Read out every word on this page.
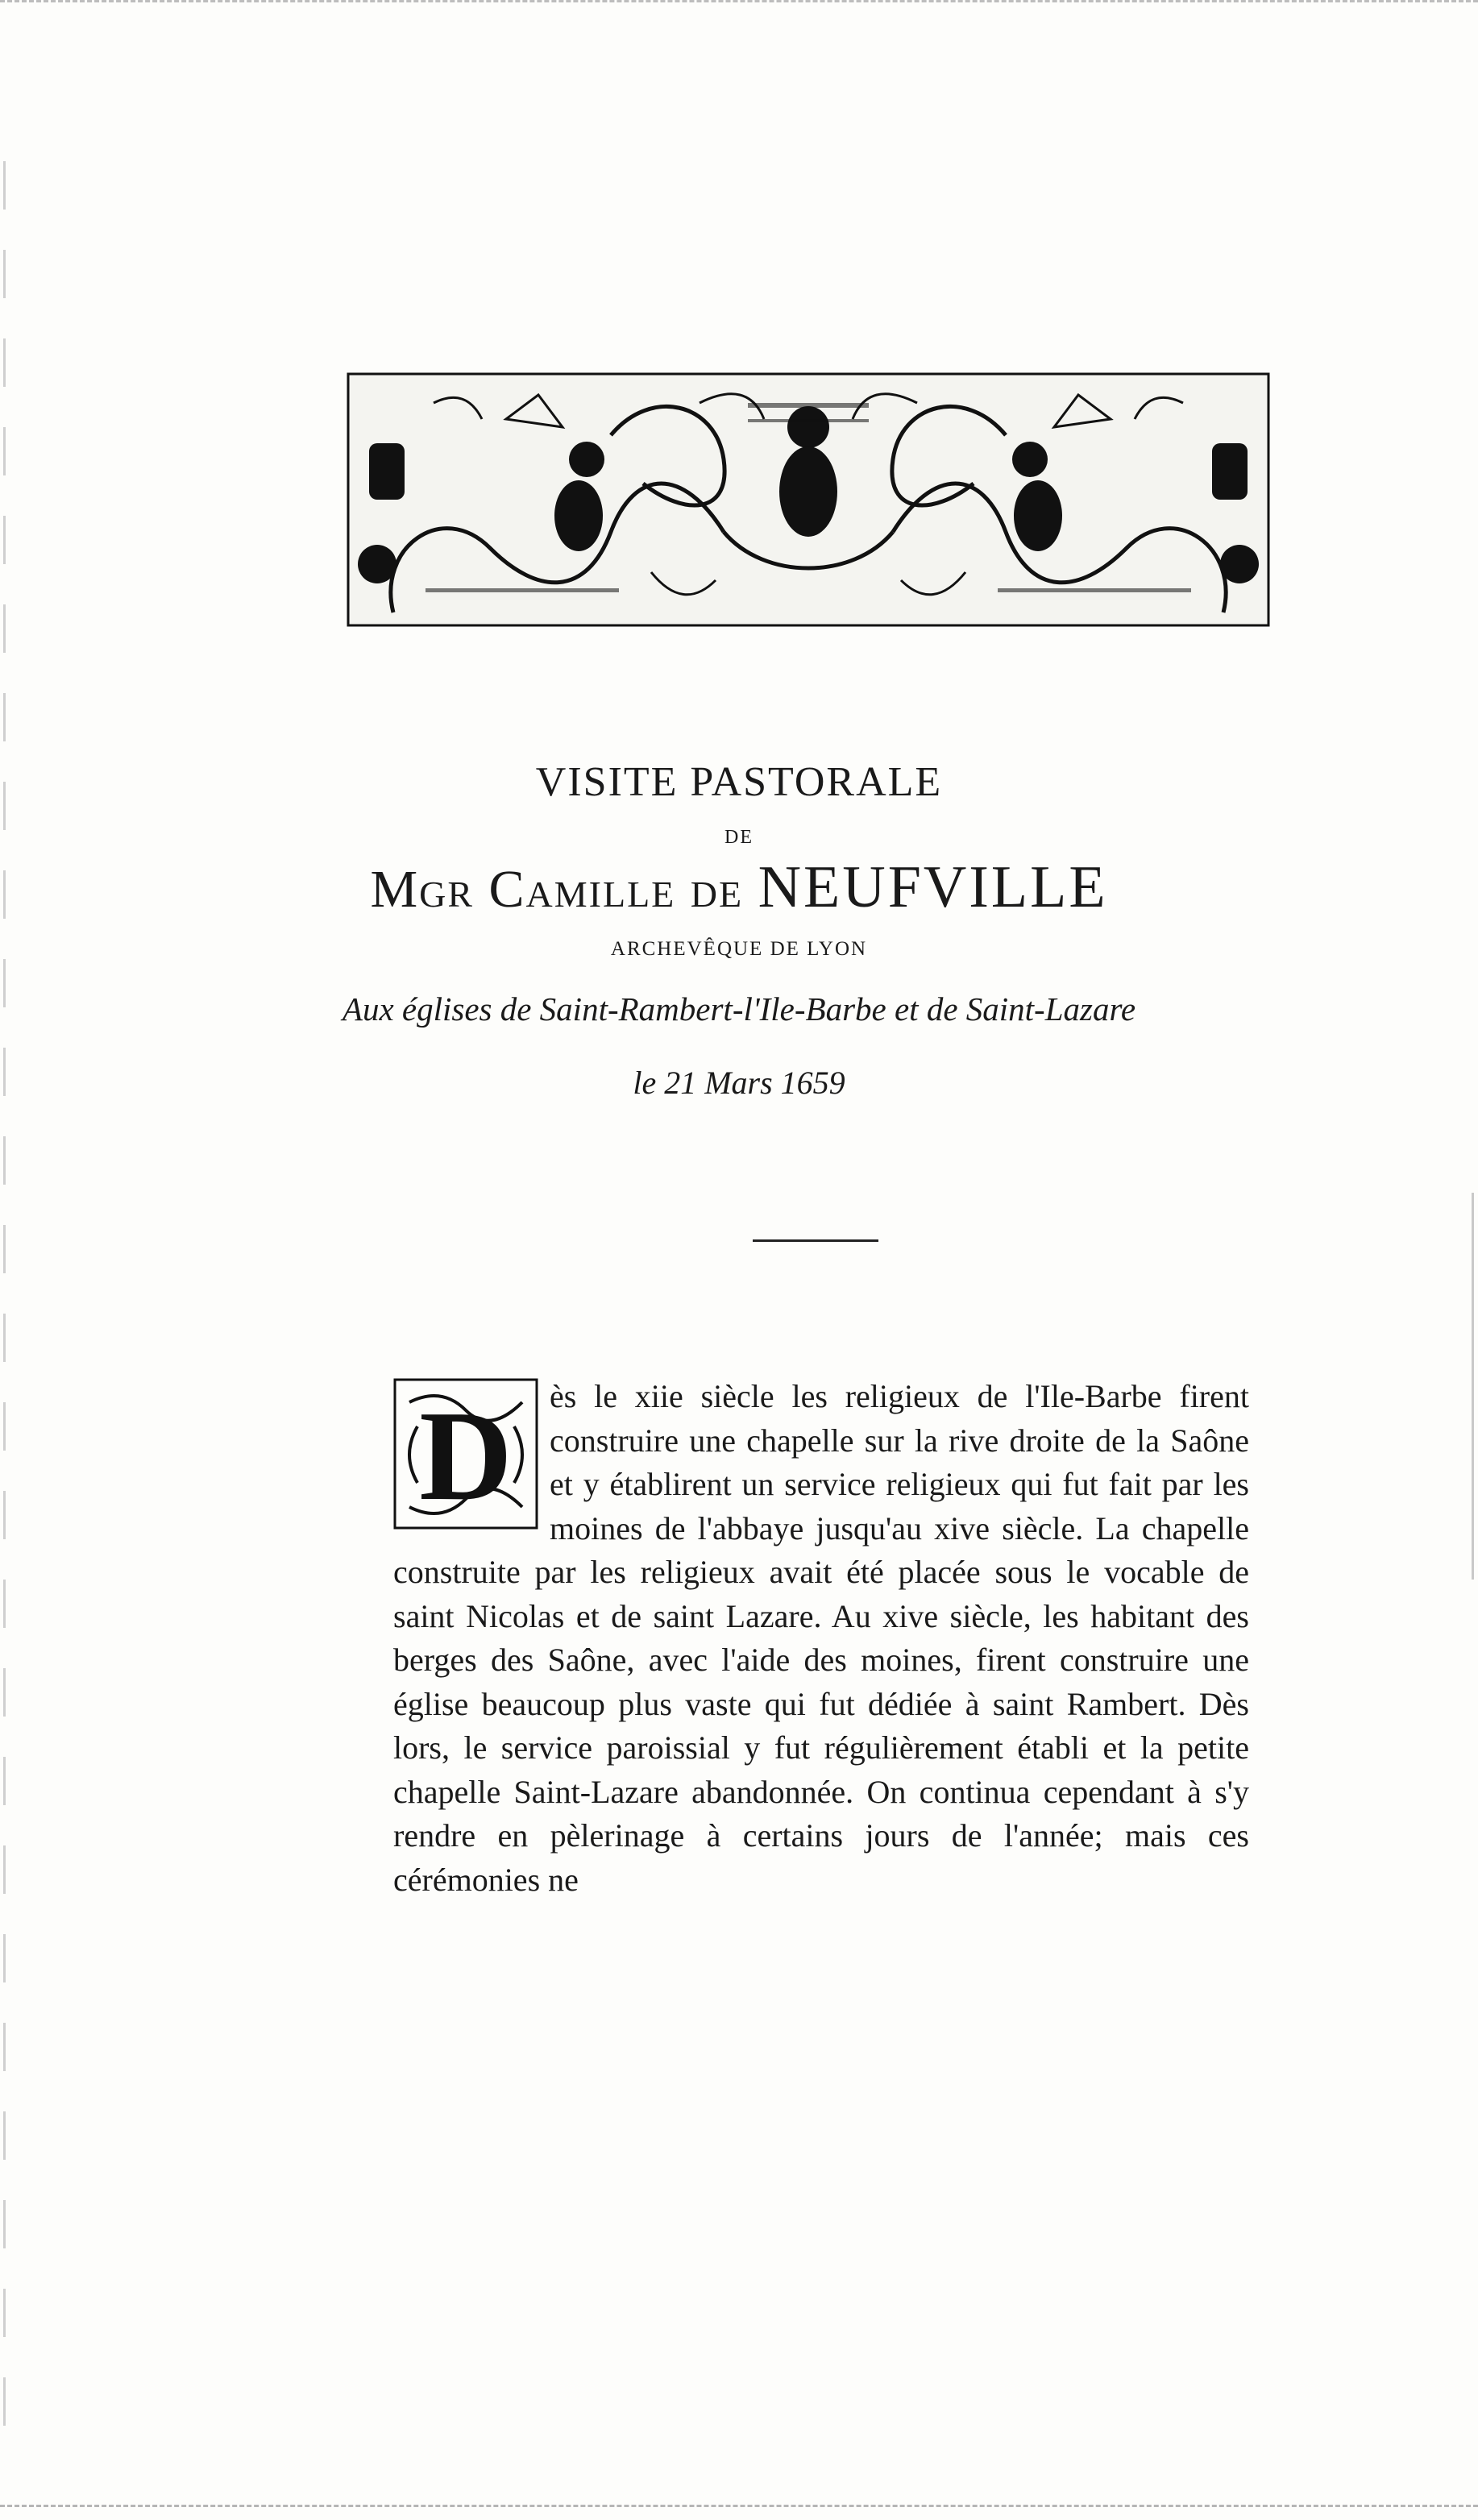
VISITE PASTORALE
DE
Mgr Camille de NEUFVILLE
ARCHEVÊQUE DE LYON
Aux églises de Saint-Rambert-l'Ile-Barbe et de Saint-Lazare
le 21 Mars 1659
D	ès le xiie siècle les religieux de l'Ile-Barbe firent construire une chapelle sur la rive droite de la Saône et y établirent un service religieux qui fut fait par les moines de l'abbaye jusqu'au xive siècle. La chapelle construite par les religieux avait été placée sous le vocable de saint Nicolas et de saint Lazare. Au xive siècle, les habitant des berges des Saône, avec l'aide des moines, firent construire une église beaucoup plus vaste qui fut dédiée à saint Rambert. Dès lors, le service paroissial y fut régulièrement établi et la petite chapelle Saint-Lazare abandonnée. On continua cependant à s'y rendre en pèlerinage à certains jours de l'année; mais ces cérémonies ne
